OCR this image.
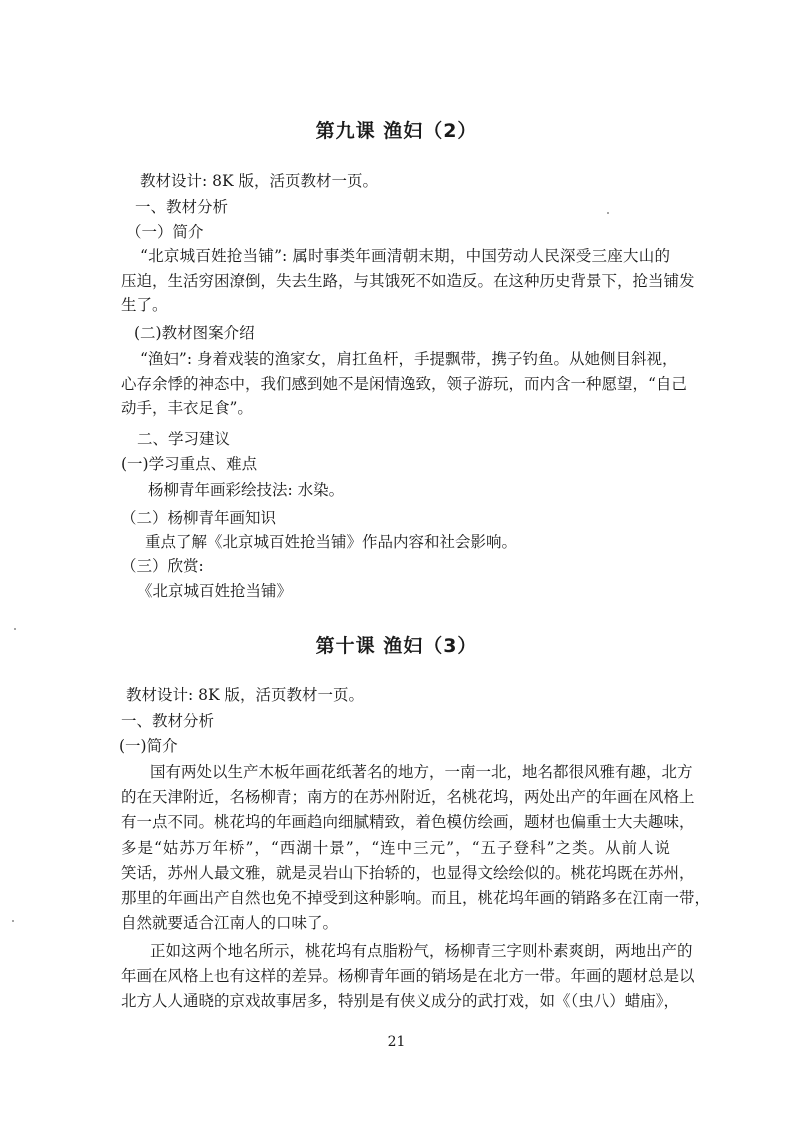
第九课 渔妇（2）

教材设计: 8K 版，活页教材一页。

一、教材分析

（一）简介

“北京城百姓抢当铺”: 属时事类年画清朝末期，中国劳动人民深受三座大山的

压迫，生活穷困潦倒，失去生路，与其饿死不如造反。在这种历史背景下，抢当铺发

生了。

(二)教材图案介绍

“渔妇”: 身着戏装的渔家女，肩扛鱼杆，手提飘带，携子钓鱼。从她侧目斜视，

心存余悸的神态中，我们感到她不是闲情逸致，领子游玩，而内含一种愿望，“自己

动手，丰衣足食”。

二、学习建议

(一)学习重点、难点

杨柳青年画彩绘技法: 水染。

（二）杨柳青年画知识

重点了解《北京城百姓抢当铺》作品内容和社会影响。

（三）欣赏:

《北京城百姓抢当铺》

第十课 渔妇（3）

教材设计: 8K 版，活页教材一页。

一、教材分析

(一)简介

国有两处以生产木板年画花纸著名的地方，一南一北，地名都很风雅有趣，北方

的在天津附近，名杨柳青；南方的在苏州附近，名桃花坞，两处出产的年画在风格上

有一点不同。桃花坞的年画趋向细腻精致，着色模仿绘画，题材也偏重士大夫趣味，

多是“姑苏万年桥”，“西湖十景”，“连中三元”，“五子登科”之类。从前人说

笑话，苏州人最文雅，就是灵岩山下抬轿的，也显得文绘绘似的。桃花坞既在苏州，

那里的年画出产自然也免不掉受到这种影响。而且，桃花坞年画的销路多在江南一带，

自然就要适合江南人的口味了。

正如这两个地名所示，桃花坞有点脂粉气，杨柳青三字则朴素爽朗，两地出产的

年画在风格上也有这样的差异。杨柳青年画的销场是在北方一带。年画的题材总是以

北方人人通晓的京戏故事居多，特别是有侠义成分的武打戏，如《（虫八）蜡庙》，

21
